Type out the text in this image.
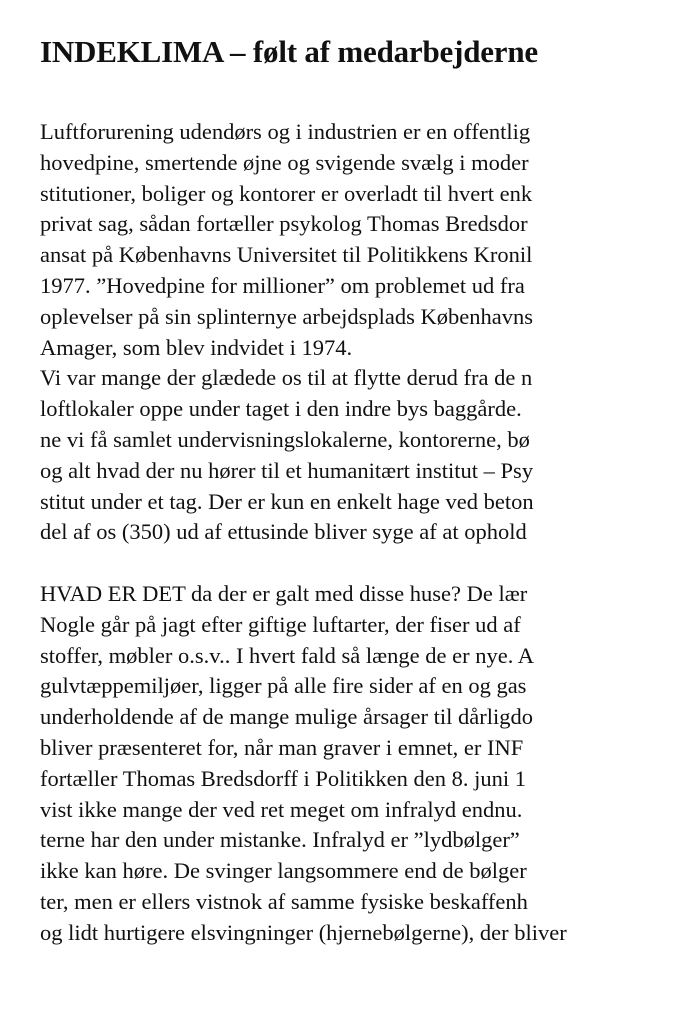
INDEKLIMA – følt af medarbejderne
Luftforurening udendørs og i industrien er en offentlig
hovedpine, smertende øjne og svigende svælg i moder
stitutioner, boliger og kontorer er overladt til hvert enk
privat sag, sådan fortæller psykolog Thomas Bredsdor
ansat på Københavns Universitet til Politikkens Kronil
1977. ”Hovedpine for millioner” om problemet ud fra
oplevelser på sin splinternye arbejdsplads Københavns
Amager, som blev indvidet i 1974.
Vi var mange der glædede os til at flytte derud fra de n
loftlokaler oppe under taget i den indre bys baggårde.
ne vi få samlet undervisningslokalerne, kontorerne, bø
og alt hvad der nu hører til et humanitært institut – Psy
stitut under et tag. Der er kun en enkelt hage ved beton
del af os (350) ud af ettusinde bliver syge af at ophold
HVAD ER DET da der er galt med disse huse? De lær
Nogle går på jagt efter giftige luftarter, der fiser ud af
stoffer, møbler o.s.v.. I hvert fald så længe de er nye. A
gulvtæppemiljøer, ligger på alle fire sider af en og gas
underholdende af de mange mulige årsager til dårligdo
bliver præsenteret for, når man graver i emnet, er INF
fortæller Thomas Bredsdorff i Politikken den 8. juni 1
vist ikke mange der ved ret meget om infralyd endnu.
terne har den under mistanke. Infralyd er ”lydbølger”
ikke kan høre. De svinger langsommere end de bølger
ter, men er ellers vistnok af samme fysiske beskaffenh
og lidt hurtigere elsvingninger (hjernebølgerne), der bliver
